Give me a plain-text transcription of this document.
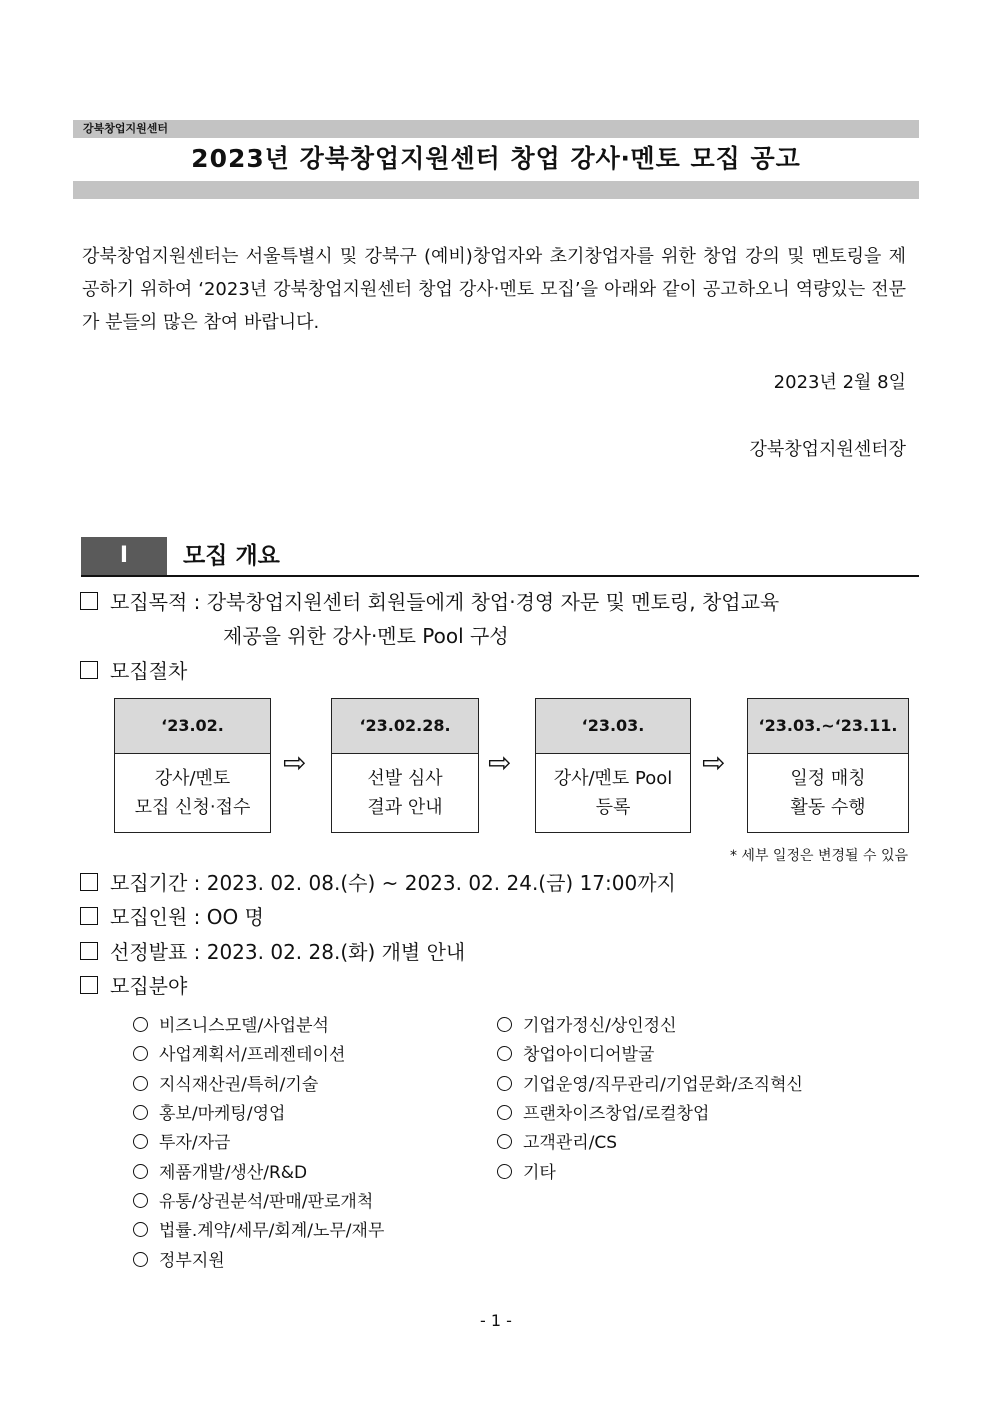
강북창업지원센터
2023년 강북창업지원센터 창업 강사‧멘토 모집 공고
강북창업지원센터는 서울특별시 및 강북구 (예비)창업자와 초기창업자를 위한 창업 강의 및 멘토링을 제공하기 위하여 ‘2023년 강북창업지원센터 창업 강사‧멘토 모집’을 아래와 같이 공고하오니 역량있는 전문가 분들의 많은 참여 바랍니다.
2023년 2월 8일
강북창업지원센터장
Ⅰ	모집 개요
모집목적 : 강북창업지원센터 회원들에게 창업‧경영 자문 및 멘토링, 창업교육
제공을 위한 강사‧멘토 Pool 구성
모집절차
‘23.02.
강사/멘토
모집 신청‧접수
⇨
‘23.02.28.
선발 심사
결과 안내
⇨
‘23.03.
강사/멘토 Pool
등록
⇨
‘23.03.~‘23.11.
일정 매칭
활동 수행
* 세부 일정은 변경될 수 있음
모집기간 : 2023. 02. 08.(수) ~ 2023. 02. 24.(금) 17:00까지
모집인원 : OO 명
선정발표 : 2023. 02. 28.(화) 개별 안내
모집분야
비즈니스모델/사업분석
사업계획서/프레젠테이션
지식재산권/특허/기술
홍보/마케팅/영업
투자/자금
제품개발/생산/R&D
유통/상권분석/판매/판로개척
법률.계약/세무/회계/노무/재무
정부지원
기업가정신/상인정신
창업아이디어발굴
기업운영/직무관리/기업문화/조직혁신
프랜차이즈창업/로컬창업
고객관리/CS
기타
- 1 -
